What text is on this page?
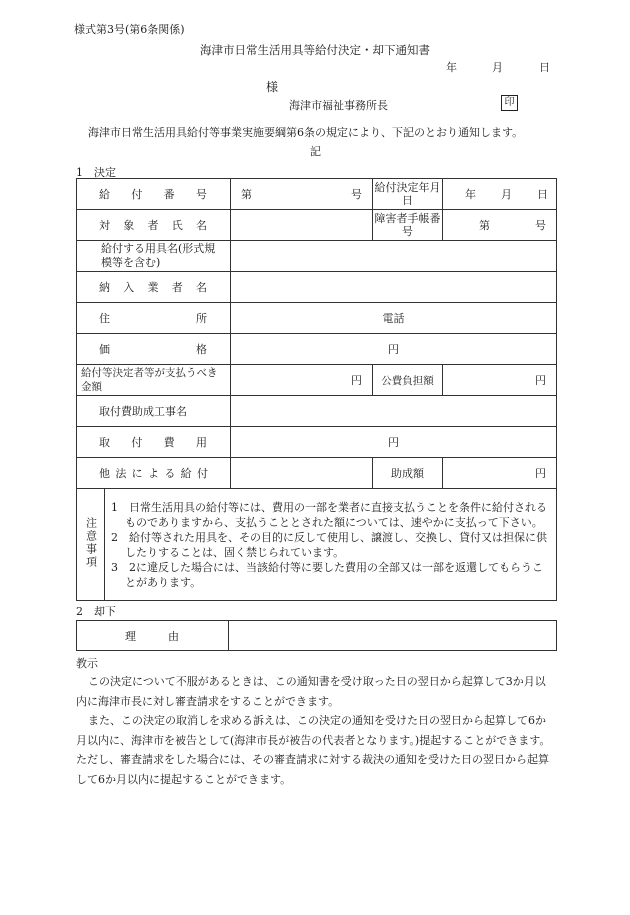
様式第3号(第6条関係)
海津市日常生活用具等給付決定・却下通知書
年	月	日
様
海津市福祉事務所長	印
海津市日常生活用具給付等事業実施要綱第6条の規定により、下記のとおり通知します。
記
1　決定
給付番号	第 号	給付決定年月日	年 月 日

対象者氏名		障害者手帳番号	第 号

給付する用具名(形式規模等を含む)			
納入業者名			
住所	電話		
価格	円		
給付等決定者等が支払うべき金額	円	公費負担額	円
取付費助成工事名			
取付費用	円		
他法による給付		助成額	円
注意事項	
1　日常生活用具の給付等には、費用の一部を業者に直接支払うことを条件に給付されるものでありますから、支払うこととされた額については、速やかに支払って下さい。
2　給付等された用具を、その目的に反して使用し、譲渡し、交換し、貸付又は担保に供したりすることは、固く禁じられています。
3　2に違反した場合には、当該給付等に要した費用の全部又は一部を返還してもらうことがあります。
2　却下
理由	
教示
この決定について不服があるときは、この通知書を受け取った日の翌日から起算して3か月以内に海津市長に対し審査請求をすることができます。
また、この決定の取消しを求める訴えは、この決定の通知を受けた日の翌日から起算して6か月以内に、海津市を被告として(海津市長が被告の代表者となります。)提起することができます。ただし、審査請求をした場合には、その審査請求に対する裁決の通知を受けた日の翌日から起算して6か月以内に提起することができます。
